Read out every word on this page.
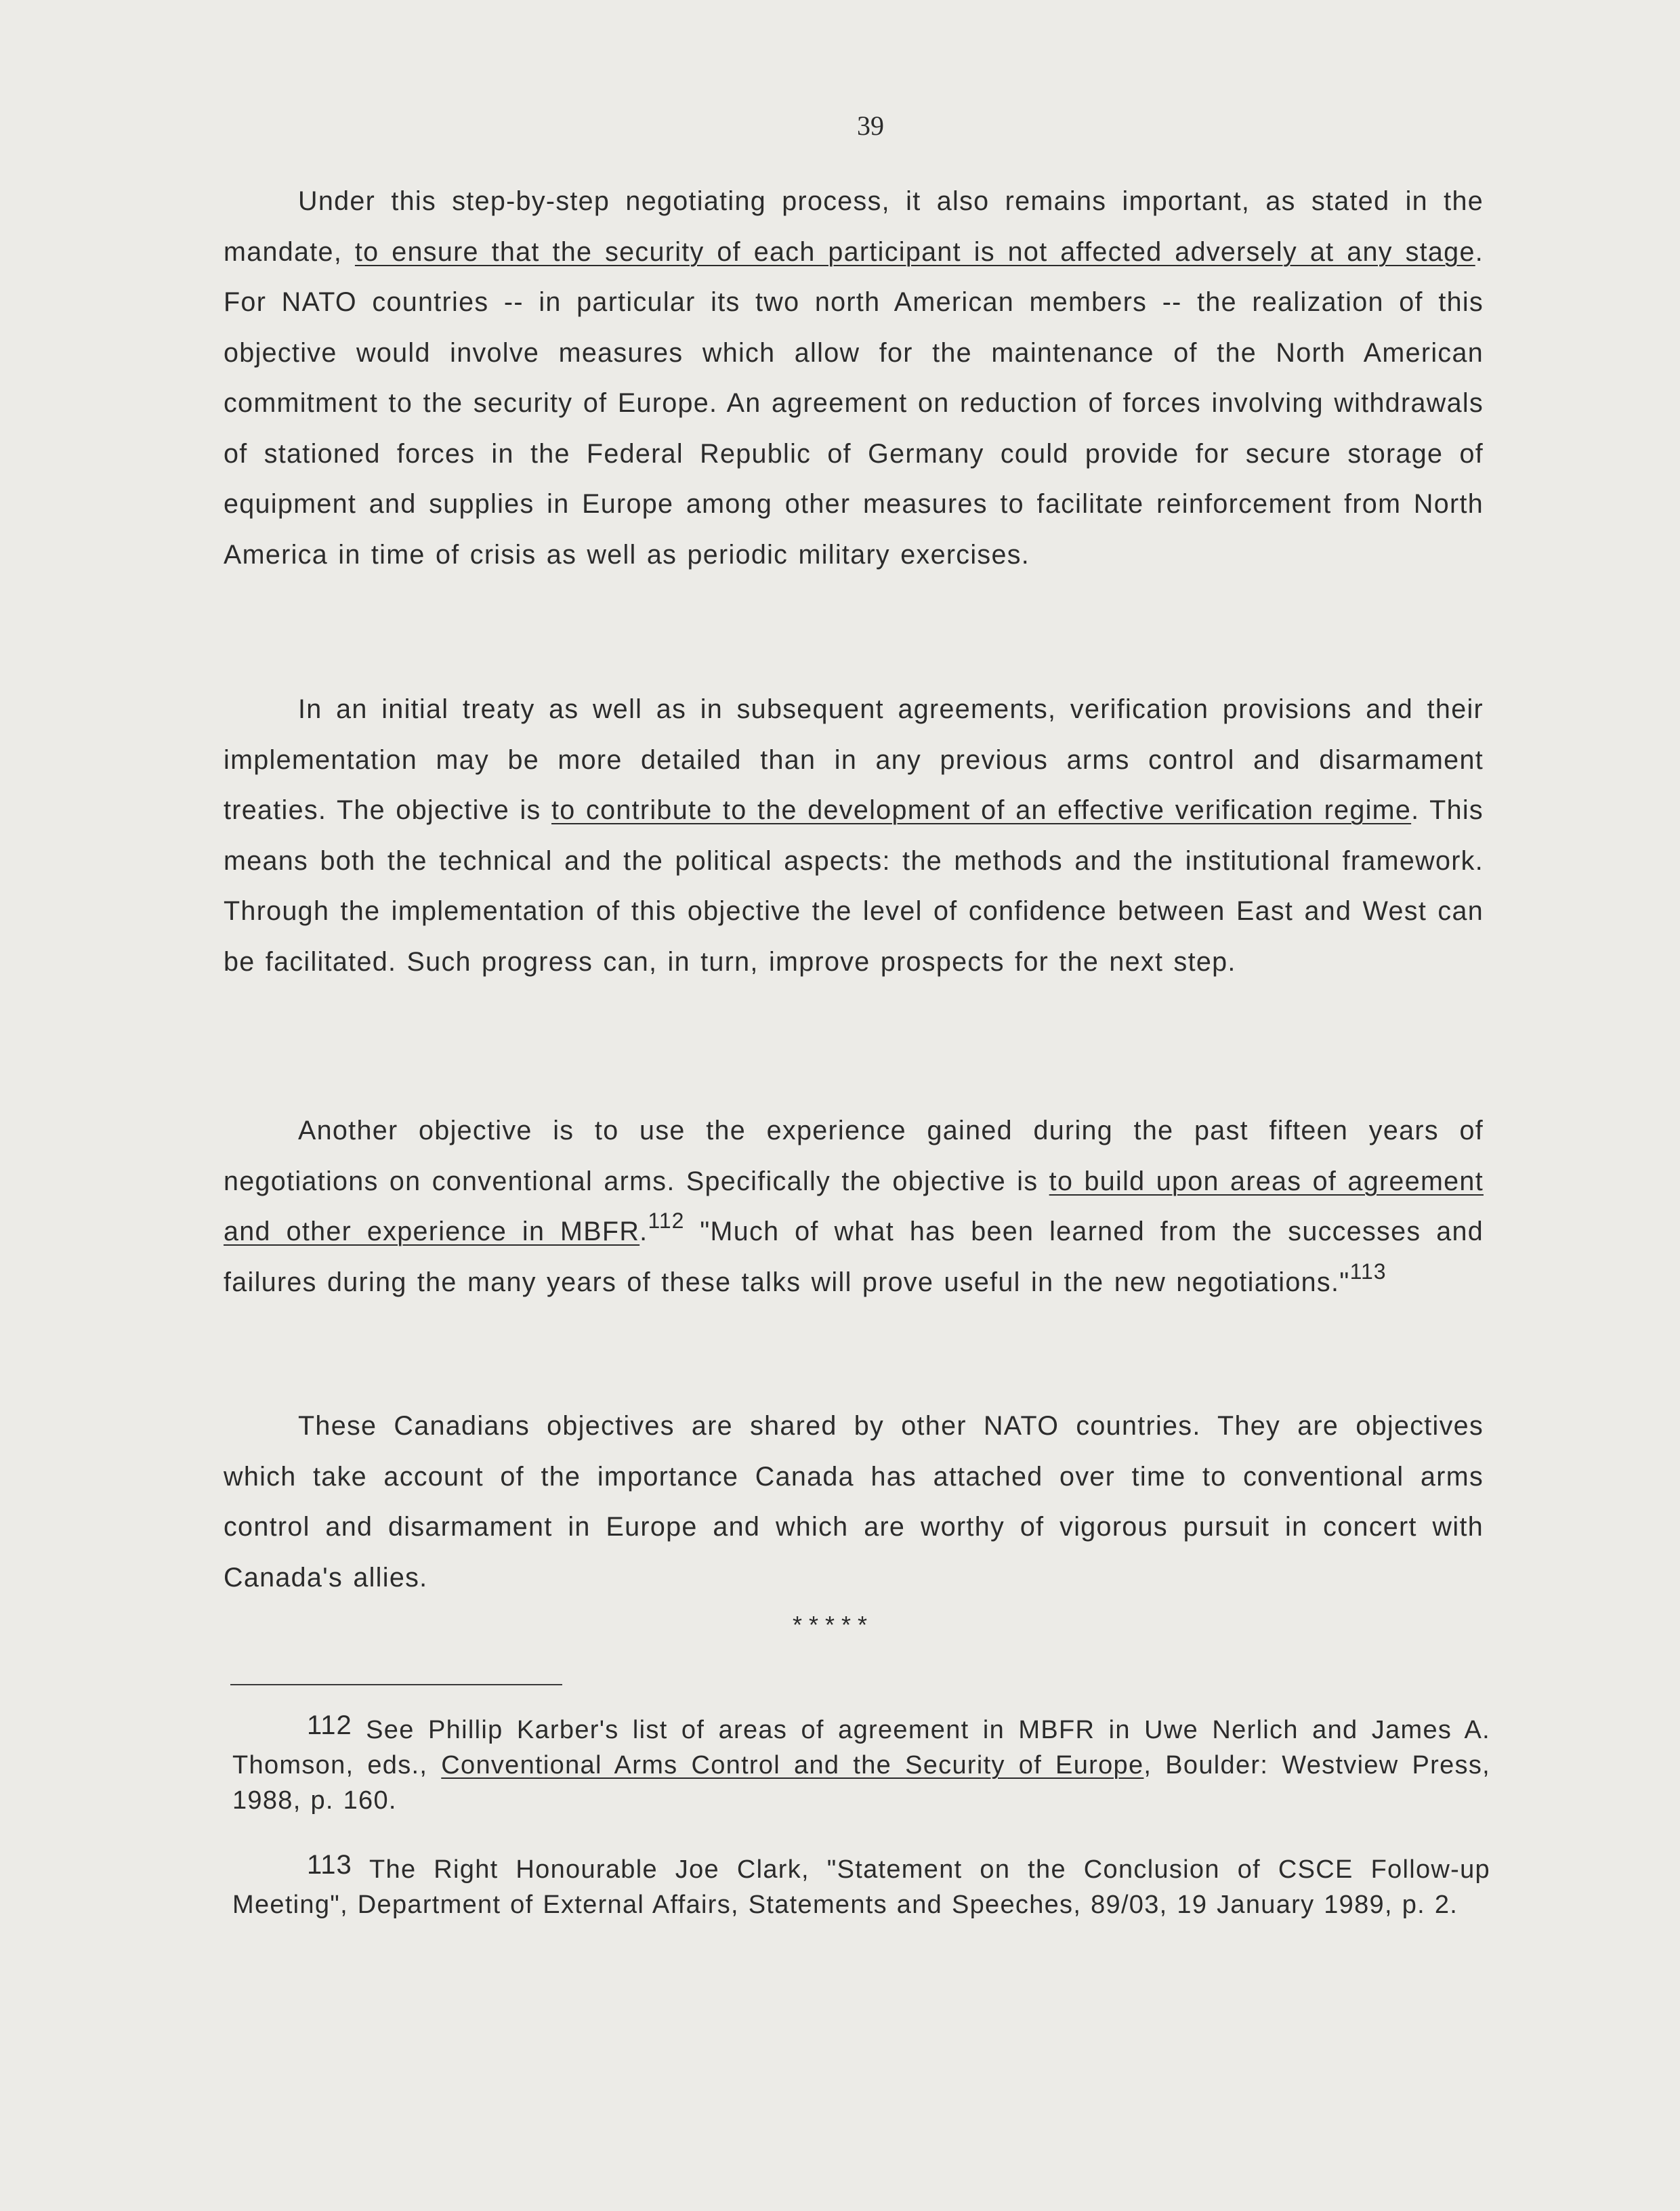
39

Under this step-by-step negotiating process, it also remains important, as stated in the mandate, to ensure that the security of each participant is not affected adversely at any stage. For NATO countries -- in particular its two north American members -- the realization of this objective would involve measures which allow for the maintenance of the North American commitment to the security of Europe. An agreement on reduction of forces involving withdrawals of stationed forces in the Federal Republic of Germany could provide for secure storage of equipment and supplies in Europe among other measures to facilitate reinforcement from North America in time of crisis as well as periodic military exercises.

In an initial treaty as well as in subsequent agreements, verification provisions and their implementation may be more detailed than in any previous arms control and disarmament treaties. The objective is to contribute to the development of an effective verification regime. This means both the technical and the political aspects: the methods and the institutional framework. Through the implementation of this objective the level of confidence between East and West can be facilitated. Such progress can, in turn, improve prospects for the next step.

Another objective is to use the experience gained during the past fifteen years of negotiations on conventional arms. Specifically the objective is to build upon areas of agreement and other experience in MBFR.$^{112}$ "Much of what has been learned from the successes and failures during the many years of these talks will prove useful in the new negotiations."$^{113}$

These Canadians objectives are shared by other NATO countries. They are objectives which take account of the importance Canada has attached over time to conventional arms control and disarmament in Europe and which are worthy of vigorous pursuit in concert with Canada's allies.

*****

$^{112}$ See Phillip Karber's list of areas of agreement in MBFR in Uwe Nerlich and James A. Thomson, eds., Conventional Arms Control and the Security of Europe, Boulder: Westview Press, 1988, p. 160.

$^{113}$ The Right Honourable Joe Clark, "Statement on the Conclusion of CSCE Follow-up Meeting", Department of External Affairs, Statements and Speeches, 89/03, 19 January 1989, p. 2.
